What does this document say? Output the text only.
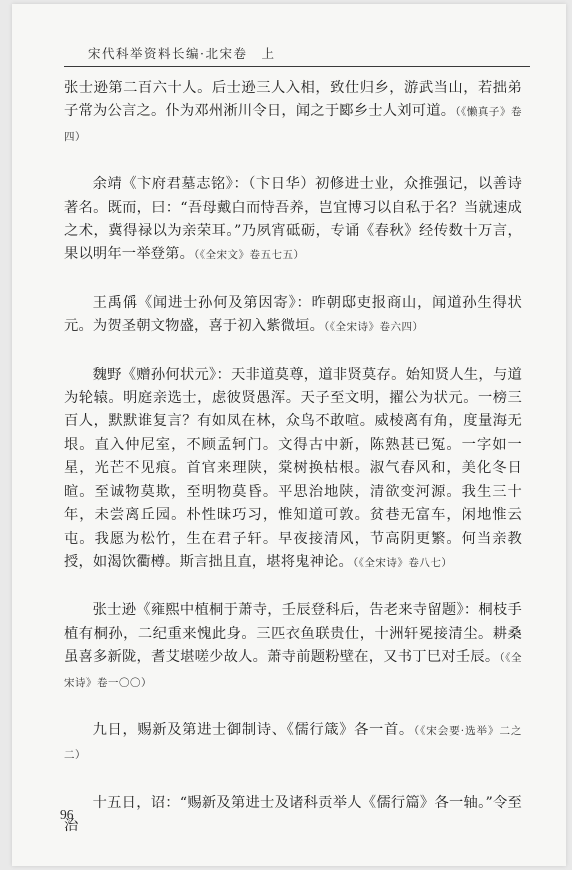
宋代科举资料长编·北宋卷　上

张士逊第二百六十人。后士逊三人入相，致仕归乡，游武当山，若拙弟子常为公言之。仆为邓州淅川令日，闻之于郾乡士人刘可道。（《懒真子》卷四）

余靖《卞府君墓志铭》：（卞日华）初修进士业，众推强记，以善诗著名。既而，曰：“吾母戴白而恃吾养，岂宜博习以自私于名？当就速成之术，冀得禄以为亲荣耳。”乃夙宵砥砺，专诵《春秋》经传数十万言，果以明年一举登第。（《全宋文》卷五七五）

王禹偁《闻进士孙何及第因寄》：昨朝邸吏报商山，闻道孙生得状元。为贺圣朝文物盛，喜于初入紫微垣。（《全宋诗》卷六四）

魏野《赠孙何状元》：天非道莫尊，道非贤莫存。始知贤人生，与道为轮辕。明庭亲选士，虑彼贤愚浑。天子至文明，擢公为状元。一榜三百人，默默谁复言？有如凤在林，众鸟不敢喧。威棱离有角，度量海无垠。直入仲尼室，不顾孟轲门。文得古中新，陈熟甚已冤。一字如一星，光芒不见痕。首官来理陕，棠树换枯根。淑气春风和，美化冬日暄。至诚物莫欺，至明物莫昏。平思治地陕，清欲变河源。我生三十年，未尝离丘园。朴性昧巧习，惟知道可敦。贫巷无富车，闲地惟云屯。我愿为松竹，生在君子轩。早夜接清风，节高阴更繁。何当亲教授，如渴饮衢樽。斯言拙且直，堪将鬼神论。（《全宋诗》卷八七）

张士逊《雍熙中植桐于萧寺，壬辰登科后，告老来寺留题》：桐枝手植有桐孙，二纪重来愧此身。三匹衣鱼联贵仕，十洲轩冕接清尘。耕桑虽喜多新陇，耆艾堪嗟少故人。萧寺前题粉壁在，又书丁巳对壬辰。（《全宋诗》卷一〇〇）

九日，赐新及第进士御制诗、《儒行箴》各一首。（《宋会要·选举》二之二）

十五日，诏：“赐新及第进士及诸科贡举人《儒行篇》各一轴。”令至治

96
